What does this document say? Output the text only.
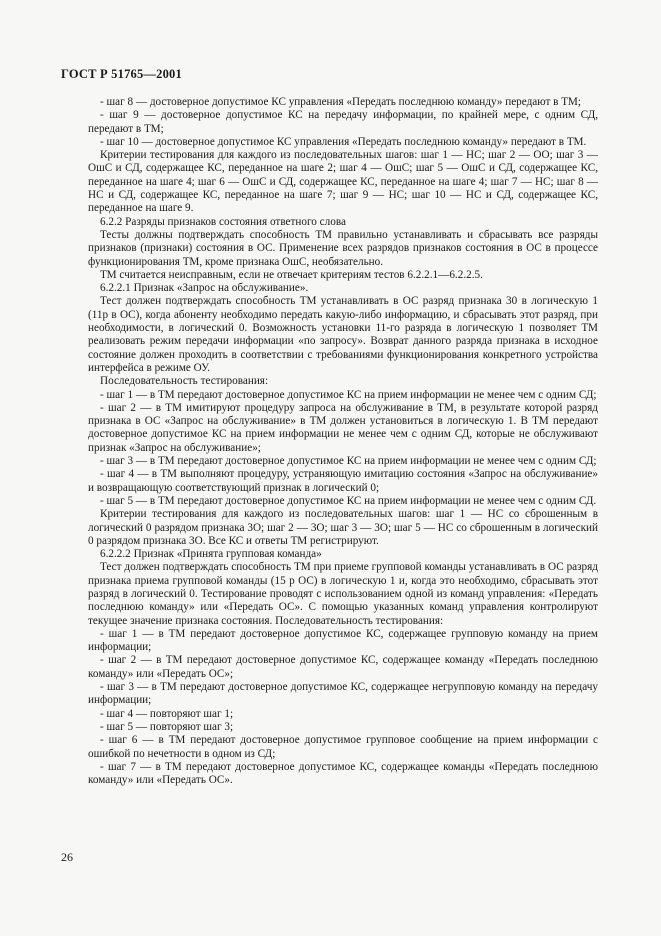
ГОСТ Р 51765—2001

- шаг 8 — достоверное допустимое КС управления «Передать последнюю команду» передают в ТМ;

- шаг 9 — достоверное допустимое КС на передачу информации, по крайней мере, с одним СД, передают в ТМ;

- шаг 10 — достоверное допустимое КС управления «Передать последнюю команду» передают в ТМ.

Критерии тестирования для каждого из последовательных шагов: шаг 1 — НС; шаг 2 — ОО; шаг 3 — ОшС и СД, содержащее КС, переданное на шаге 2; шаг 4 — ОшС; шаг 5 — ОшС и СД, содержащее КС, переданное на шаге 4; шаг 6 — ОшС и СД, содержащее КС, переданное на шаге 4; шаг 7 — НС; шаг 8 — НС и СД, содержащее КС, переданное на шаге 7; шаг 9 — НС; шаг 10 — НС и СД, содержащее КС, переданное на шаге 9.

6.2.2 Разряды признаков состояния ответного слова

Тесты должны подтверждать способность ТМ правильно устанавливать и сбрасывать все разряды признаков (признаки) состояния в ОС. Применение всех разрядов признаков состояния в ОС в процессе функционирования ТМ, кроме признака ОшС, необязательно.

ТМ считается неисправным, если не отвечает критериям тестов 6.2.2.1—6.2.2.5.

6.2.2.1 Признак «Запрос на обслуживание».

Тест должен подтверждать способность ТМ устанавливать в ОС разряд признака 30 в логическую 1 (11р в ОС), когда абоненту необходимо передать какую-либо информацию, и сбрасывать этот разряд, при необходимости, в логический 0. Возможность установки 11-го разряда в логическую 1 позволяет ТМ реализовать режим передачи информации «по запросу». Возврат данного разряда признака в исходное состояние должен проходить в соответствии с требованиями функционирования конкретного устройства интерфейса в режиме ОУ.

Последовательность тестирования:

- шаг 1 — в ТМ передают достоверное допустимое КС на прием информации не менее чем с одним СД;

- шаг 2 — в ТМ имитируют процедуру запроса на обслуживание в ТМ, в результате которой разряд признака в ОС «Запрос на обслуживание» в ТМ должен установиться в логическую 1. В ТМ передают достоверное допустимое КС на прием информации не менее чем с одним СД, которые не обслуживают признак «Запрос на обслуживание»;

- шаг 3 — в ТМ передают достоверное допустимое КС на прием информации не менее чем с одним СД;

- шаг 4 — в ТМ выполняют процедуру, устраняющую имитацию состояния «Запрос на обслуживание» и возвращающую соответствующий признак в логический 0;

- шаг 5 — в ТМ передают достоверное допустимое КС на прием информации не менее чем с одним СД.

Критерии тестирования для каждого из последовательных шагов: шаг 1 — НС со сброшенным в логический 0 разрядом признака 3О; шаг 2 — 3О; шаг 3 — 3О; шаг 5 — НС со сброшенным в логический 0 разрядом признака 3О. Все КС и ответы ТМ регистрируют.

6.2.2.2 Признак «Принята групповая команда»

Тест должен подтверждать способность ТМ при приеме групповой команды устанавливать в ОС разряд признака приема групповой команды (15 р ОС) в логическую 1 и, когда это необходимо, сбрасывать этот разряд в логический 0. Тестирование проводят с использованием одной из команд управления: «Передать последнюю команду» или «Передать ОС». С помощью указанных команд управления контролируют текущее значение признака состояния. Последовательность тестирования:

- шаг 1 — в ТМ передают достоверное допустимое КС, содержащее групповую команду на прием информации;

- шаг 2 — в ТМ передают достоверное допустимое КС, содержащее команду «Передать последнюю команду» или «Передать ОС»;

- шаг 3 — в ТМ передают достоверное допустимое КС, содержащее негрупповую команду на передачу информации;

- шаг 4 — повторяют шаг 1;

- шаг 5 — повторяют шаг 3;

- шаг 6 — в ТМ передают достоверное допустимое групповое сообщение на прием информации с ошибкой по нечетности в одном из СД;

- шаг 7 — в ТМ передают достоверное допустимое КС, содержащее команды «Передать последнюю команду» или «Передать ОС».

26
